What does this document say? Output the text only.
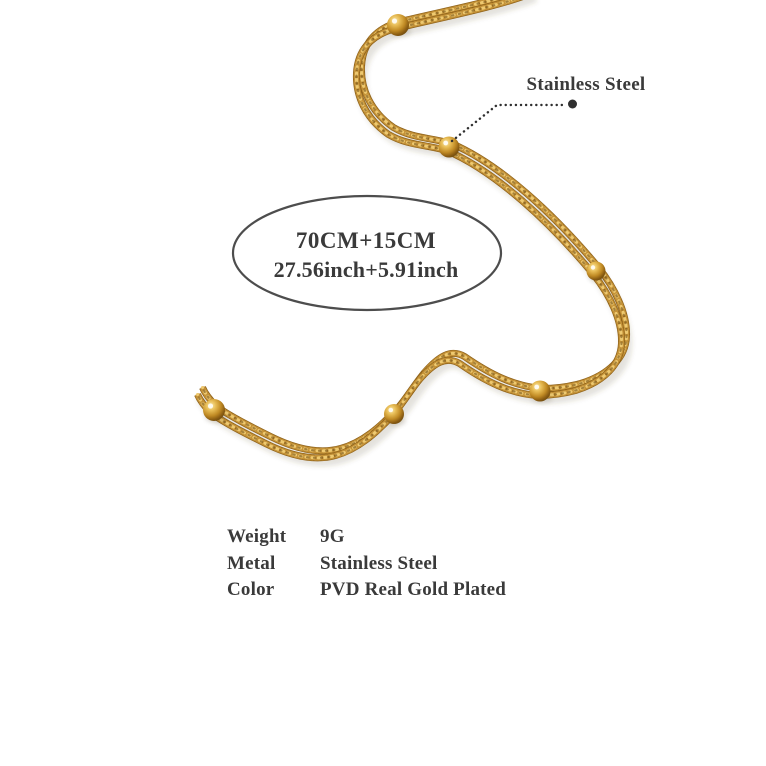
Stainless Steel
70CM+15CM
27.56inch+5.91inch
Weight	9G
Metal	Stainless Steel
Color	PVD Real Gold Plated
